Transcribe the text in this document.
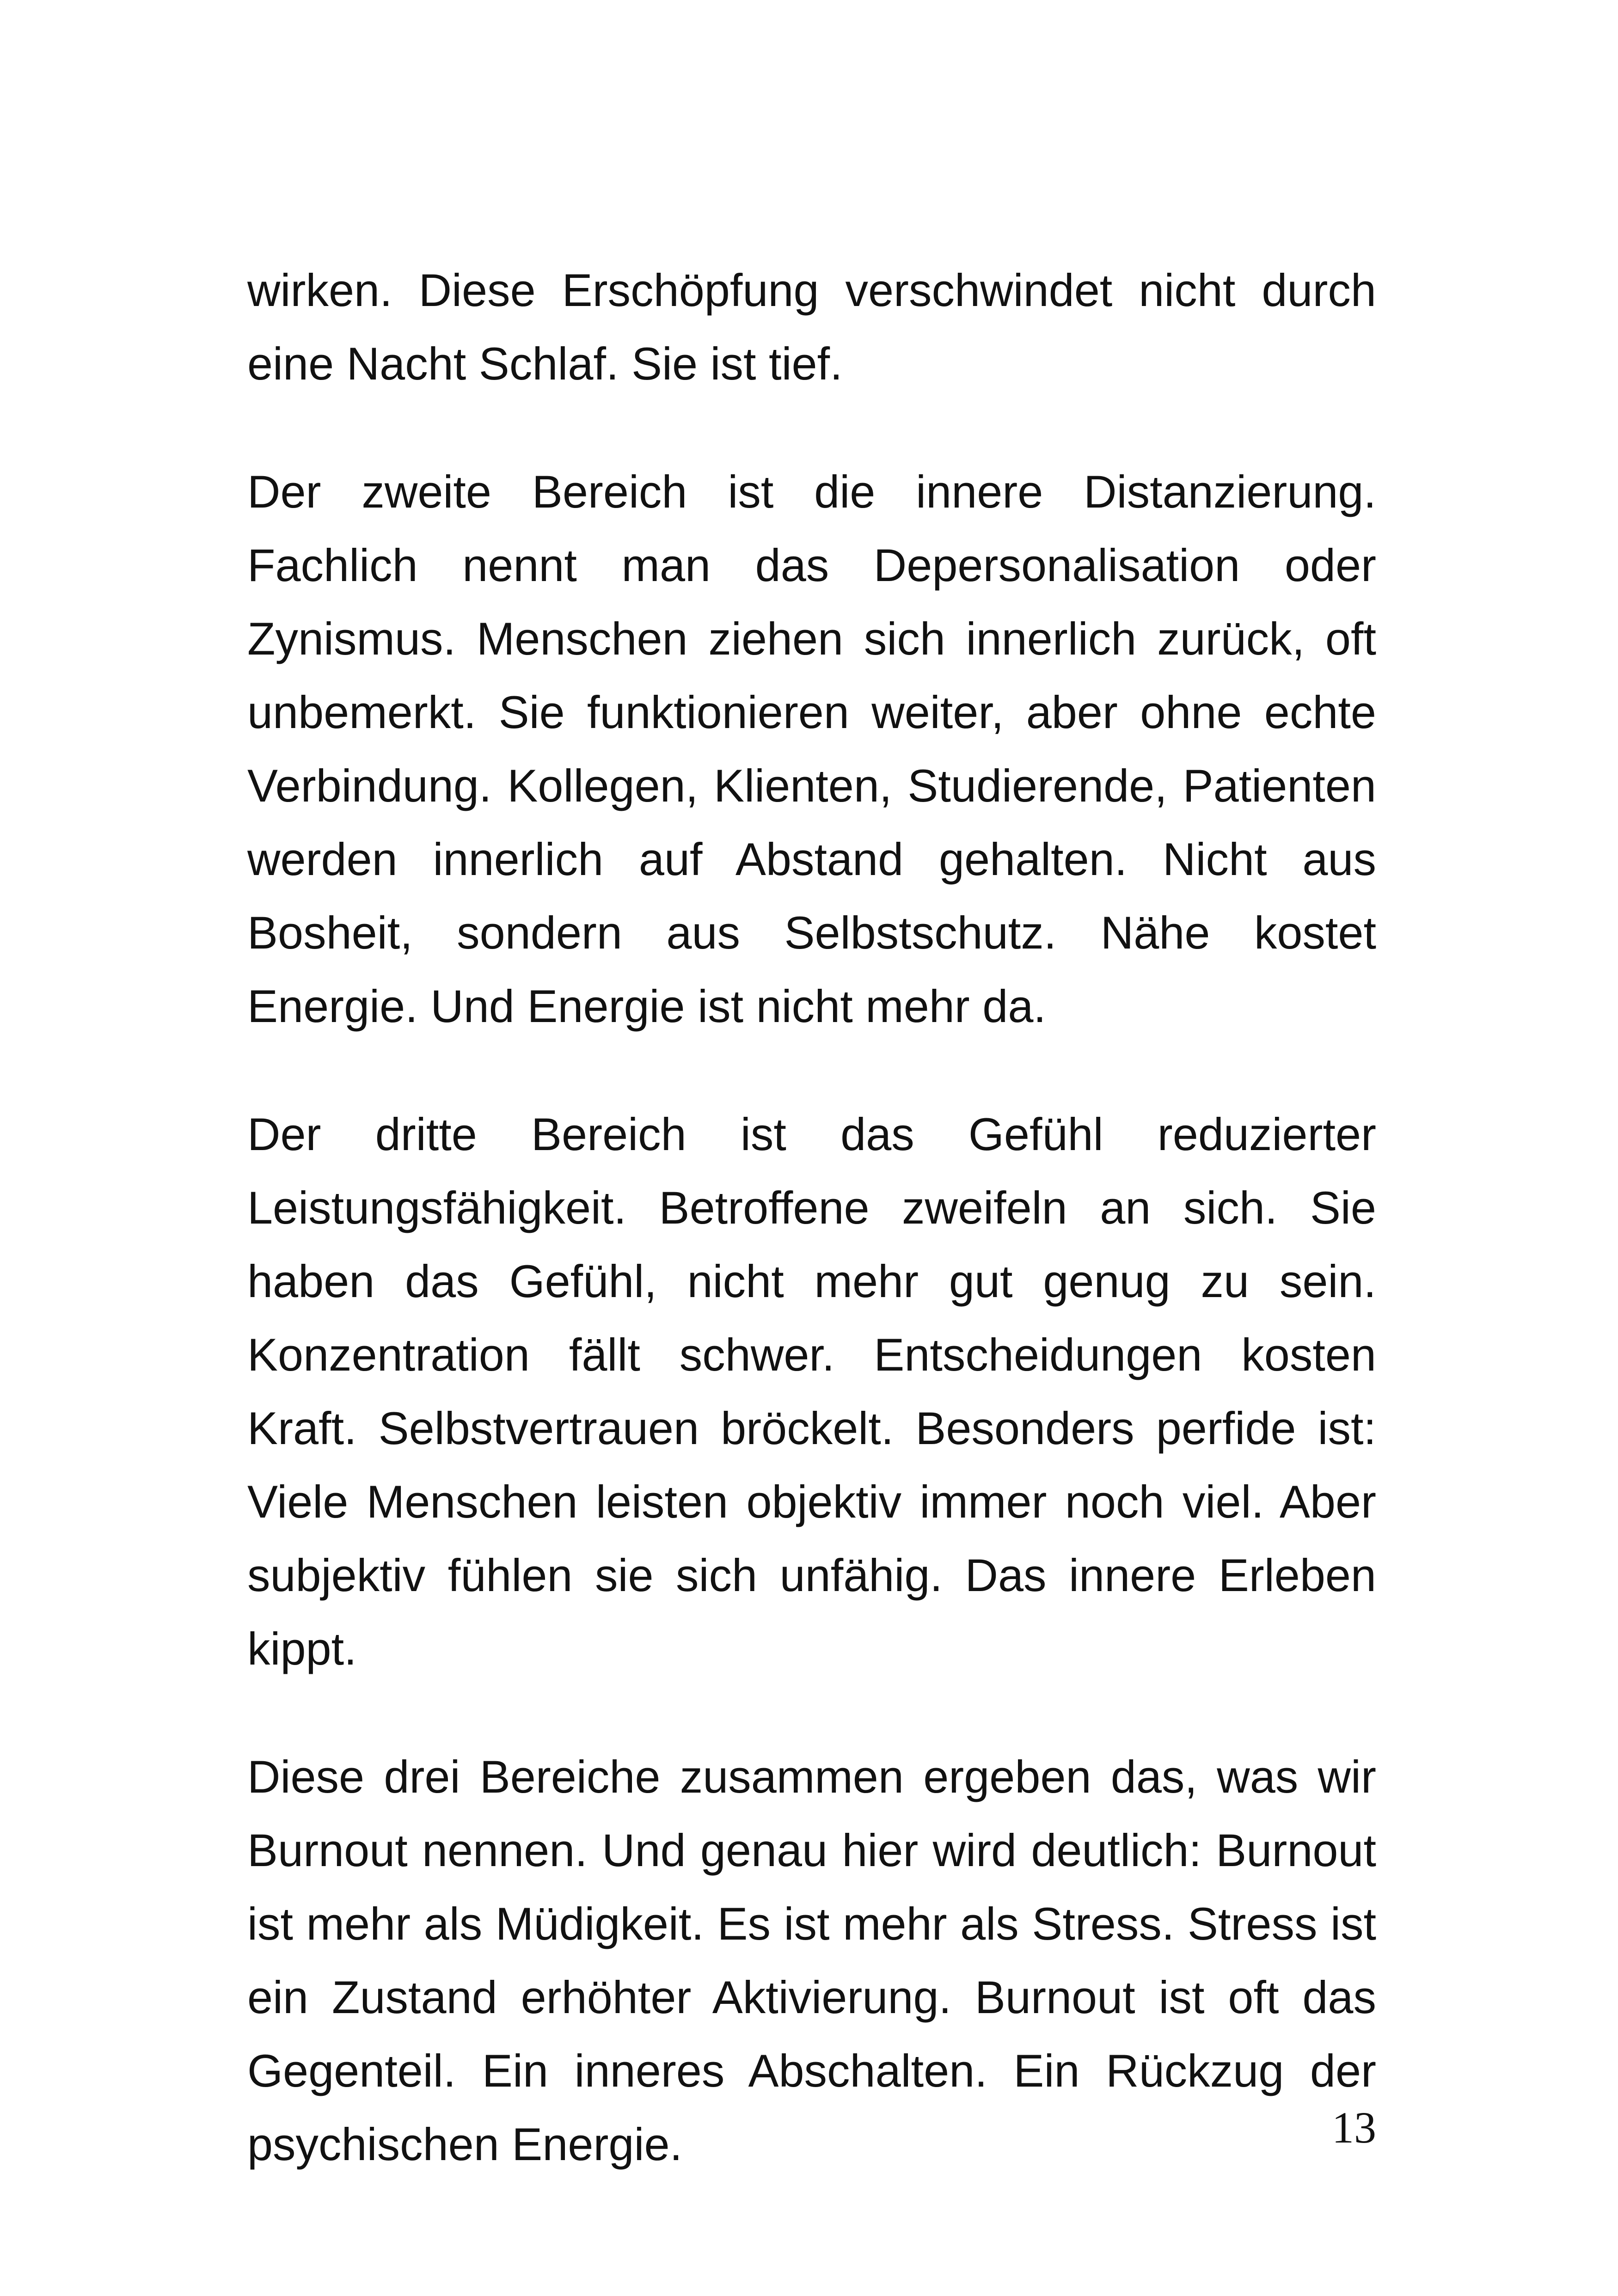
wirken. Diese Erschöpfung verschwindet nicht durch eine Nacht Schlaf. Sie ist tief.

Der zweite Bereich ist die innere Distanzierung. Fachlich nennt man das Depersonalisation oder Zynismus. Menschen ziehen sich innerlich zurück, oft unbemerkt. Sie funktionieren weiter, aber ohne echte Verbindung. Kollegen, Klienten, Studierende, Patienten werden innerlich auf Abstand gehalten. Nicht aus Bosheit, sondern aus Selbstschutz. Nähe kostet Energie. Und Energie ist nicht mehr da.

Der dritte Bereich ist das Gefühl reduzierter Leistungsfähigkeit. Betroffene zweifeln an sich. Sie haben das Gefühl, nicht mehr gut genug zu sein. Konzentration fällt schwer. Entscheidungen kosten Kraft. Selbstvertrauen bröckelt. Besonders perfide ist: Viele Menschen leisten objektiv immer noch viel. Aber subjektiv fühlen sie sich unfähig. Das innere Erleben kippt.

Diese drei Bereiche zusammen ergeben das, was wir Burnout nennen. Und genau hier wird deutlich: Burnout ist mehr als Müdigkeit. Es ist mehr als Stress. Stress ist ein Zustand erhöhter Aktivierung. Burnout ist oft das Gegenteil. Ein inneres Abschalten. Ein Rückzug der psychischen Energie.	13
